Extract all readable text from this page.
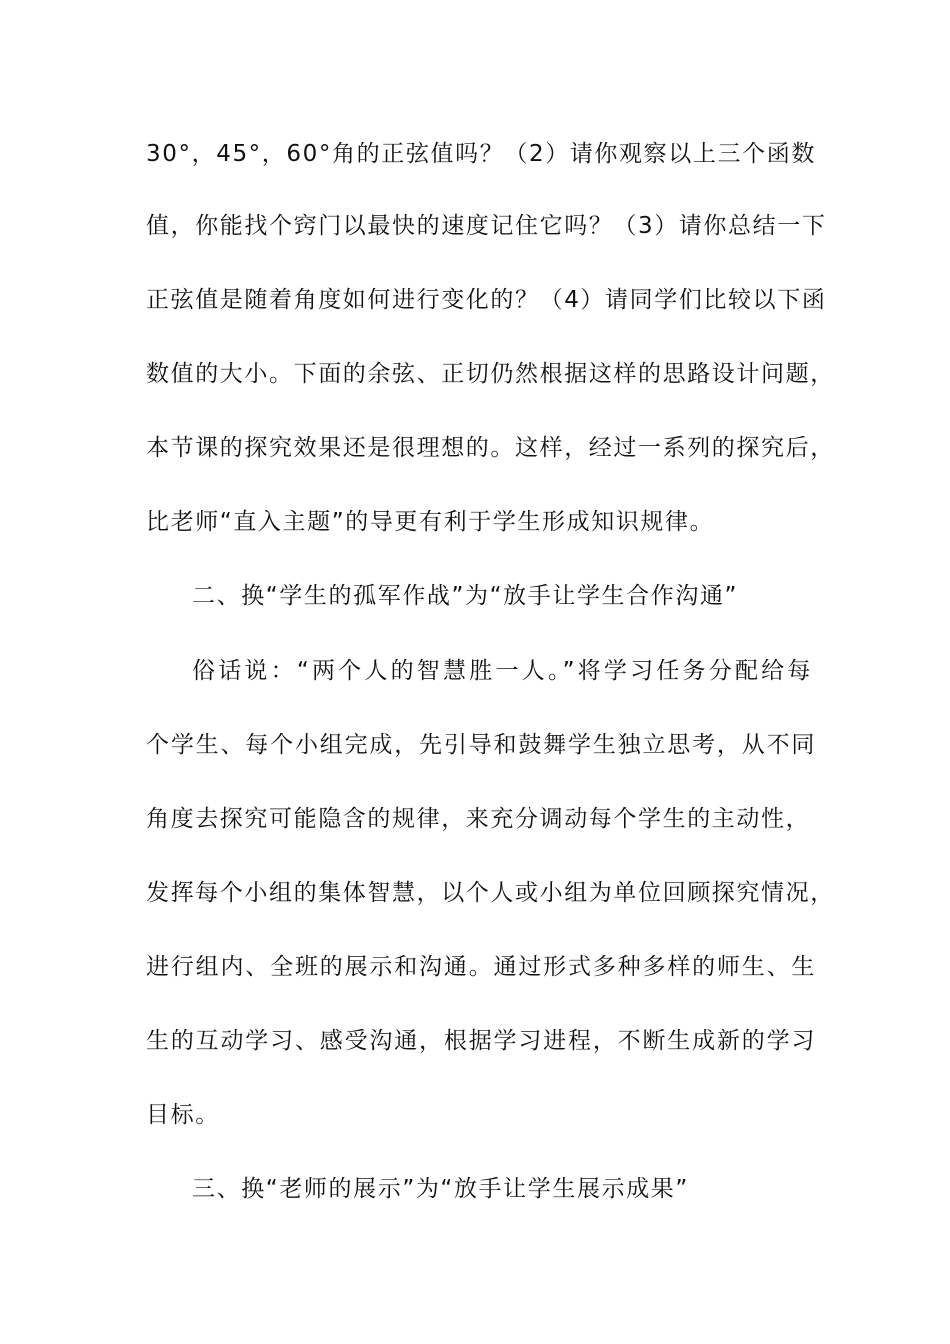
30°，45°，60°角的正弦值吗？（2）请你观察以上三个函数
值，你能找个窍门以最快的速度记住它吗？（3）请你总结一下
正弦值是随着角度如何进行变化的？（4）请同学们比较以下函
数值的大小。下面的余弦、正切仍然根据这样的思路设计问题，
本节课的探究效果还是很理想的。这样，经过一系列的探究后，
比老师“直入主题”的导更有利于学生形成知识规律。
二、换“学生的孤军作战”为“放手让学生合作沟通”
俗话说：“两个人的智慧胜一人。”将学习任务分配给每
个学生、每个小组完成，先引导和鼓舞学生独立思考，从不同
角度去探究可能隐含的规律，来充分调动每个学生的主动性，
发挥每个小组的集体智慧，以个人或小组为单位回顾探究情况，
进行组内、全班的展示和沟通。通过形式多种多样的师生、生
生的互动学习、感受沟通，根据学习进程，不断生成新的学习
目标。
三、换“老师的展示”为“放手让学生展示成果”
